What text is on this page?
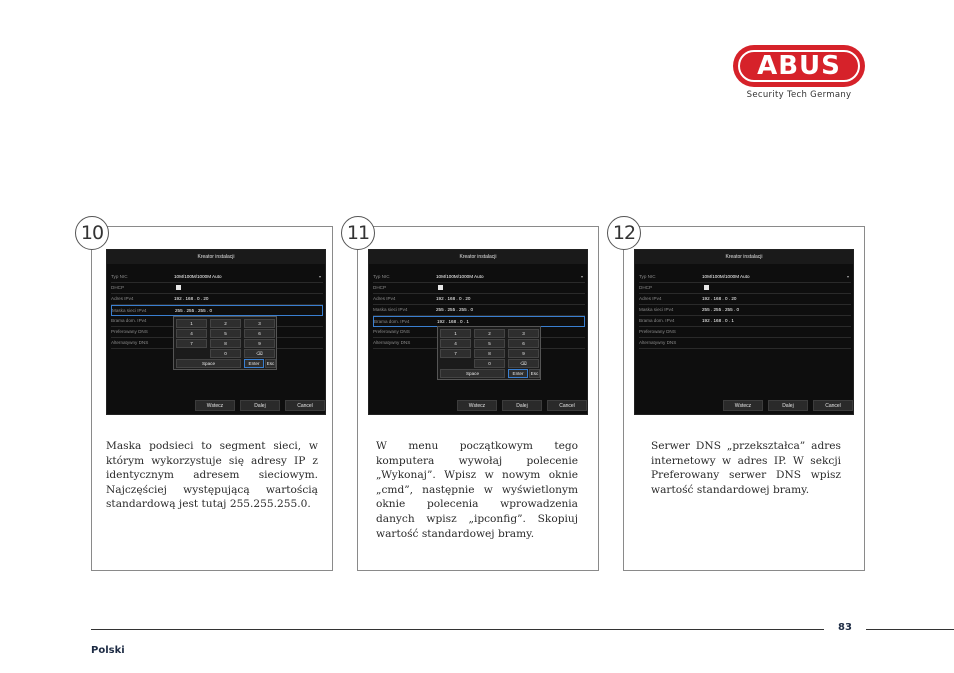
ABUS
Security Tech Germany
Kreator instalacji
Typ NIC	10M/100M/1000M Auto	▾
DHCP
Adres IPv4	192 . 168 . 0 . 20
Maska sieci IPv4	255 . 255 . 255 . 0
Brama dom. IPv4
Preferowany DNS
Alternatywny DNS
1	2	3
4	5	6
7	8	9
0	⌫
Space	Enter	Esc
Wstecz	Dalej	Cancel
Maska podsieci to segment sieci, w którym wykorzystuje się adresy IP z identycznym adresem sieciowym. Najczęściej występującą wartością standardową jest tutaj 255.255.255.0.
10
Kreator instalacji
Typ NIC	10M/100M/1000M Auto	▾
DHCP
Adres IPv4	192 . 168 . 0 . 20
Maska sieci IPv4	255 . 255 . 255 . 0
Brama dom. IPv4	192 . 168 . 0 . 1
Preferowany DNS
Alternatywny DNS
1	2	3
4	5	6
7	8	9
0	⌫
Space	Enter	Esc
Wstecz	Dalej	Cancel
W menu początkowym tego komputera wywołaj polecenie „Wykonaj”. Wpisz w nowym oknie „cmd”, następnie w wyświetlonym oknie polecenia wprowadzenia danych wpisz „ipconfig”. Skopiuj wartość standardowej bramy.
11
Kreator instalacji
Typ NIC	10M/100M/1000M Auto	▾
DHCP
Adres IPv4	192 . 168 . 0 . 20
Maska sieci IPv4	255 . 255 . 255 . 0
Brama dom. IPv4	192 . 168 . 0 . 1
Preferowany DNS
Alternatywny DNS
Wstecz	Dalej	Cancel
Serwer DNS „przekształca” adres internetowy w adres IP. W sekcji Preferowany serwer DNS wpisz wartość standardowej bramy.
12
83
Polski
